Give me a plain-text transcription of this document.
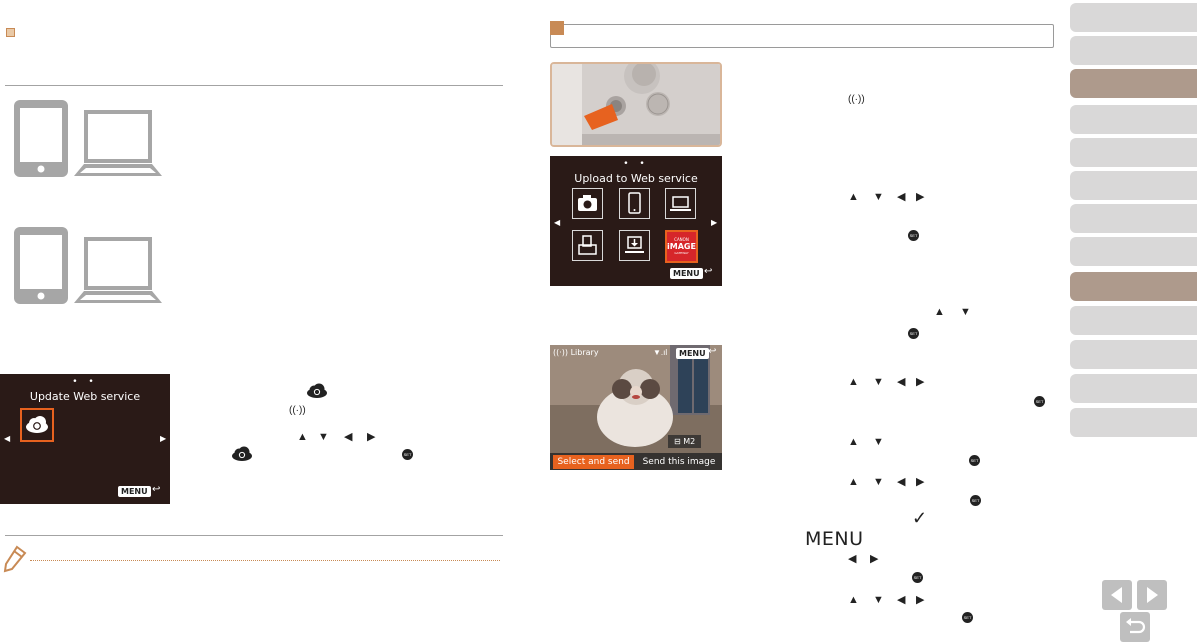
• •
Update Web service
◀	▶
MENU ↩
((·))
▲ ▼ ◀ ▶
SET
• •
Upload to Web service
◀	▶
CANON
iMAGE
GATEWAY
MENU ↩
((·)) Library	▼.ıl	MENU ↩
⊟ M2
Select and send	Send this image
((·))
▲ ▼ ◀ ▶
SET
▲ ▼
SET
▲ ▼ ◀ ▶
SET
▲ ▼
SET
▲ ▼ ◀ ▶
SET
✓
MENU
◀ ▶
SET
▲ ▼ ◀ ▶
SET
